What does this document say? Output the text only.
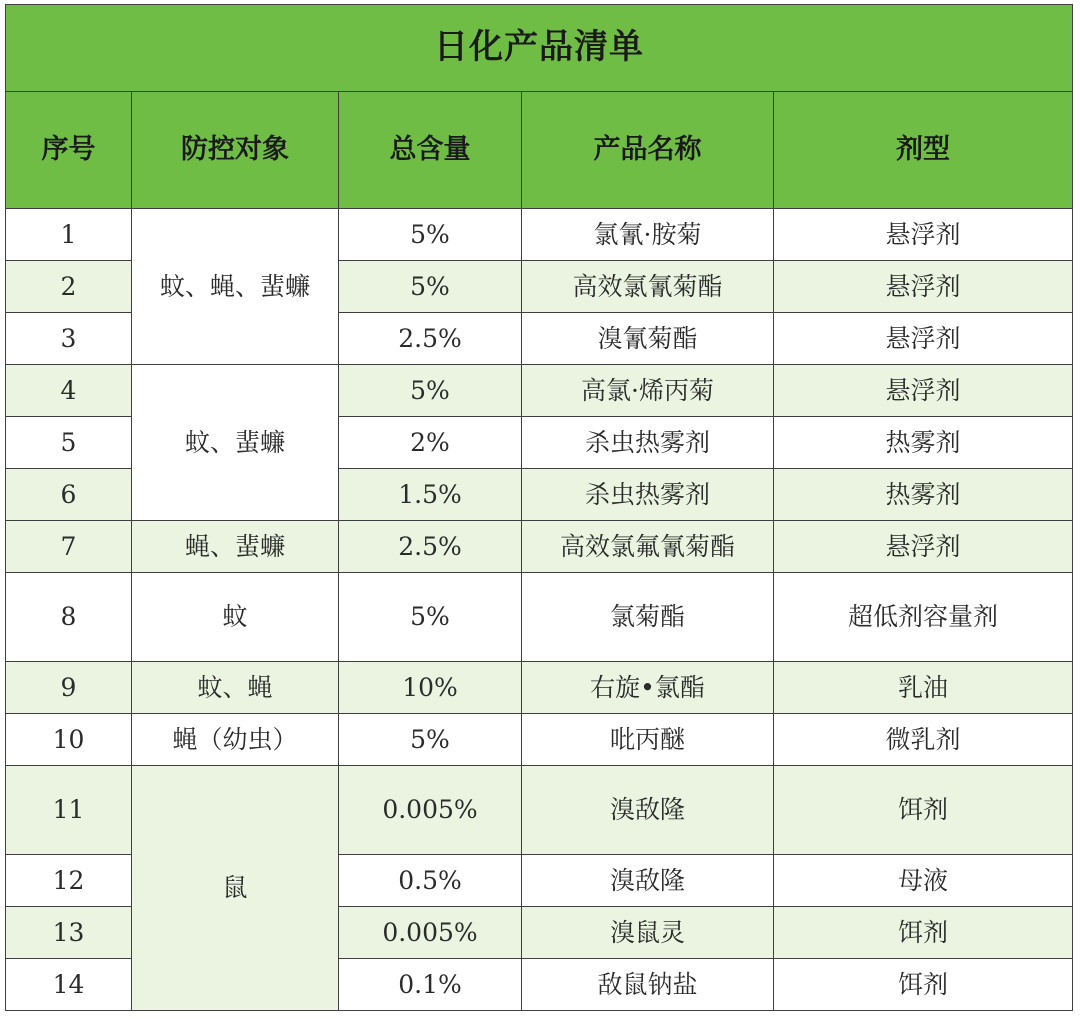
日化产品清单				
序号	防控对象	总含量	产品名称	剂型
1	蚊、蝇、蜚蠊	5%	氯氰·胺菊	悬浮剂
2		5%	高效氯氰菊酯	悬浮剂
3		2.5%	溴氰菊酯	悬浮剂
4	蚊、蜚蠊	5%	高氯·烯丙菊	悬浮剂
5		2%	杀虫热雾剂	热雾剂
6		1.5%	杀虫热雾剂	热雾剂
7	蝇、蜚蠊	2.5%	高效氯氟氰菊酯	悬浮剂
8	蚊	5%	氯菊酯	超低剂容量剂
9	蚊、蝇	10%	右旋•氯酯	乳油
10	蝇（幼虫）	5%	吡丙醚	微乳剂
11	鼠	0.005%	溴敌隆	饵剂
12		0.5%	溴敌隆	母液
13		0.005%	溴鼠灵	饵剂
14		0.1%	敌鼠钠盐	饵剂
